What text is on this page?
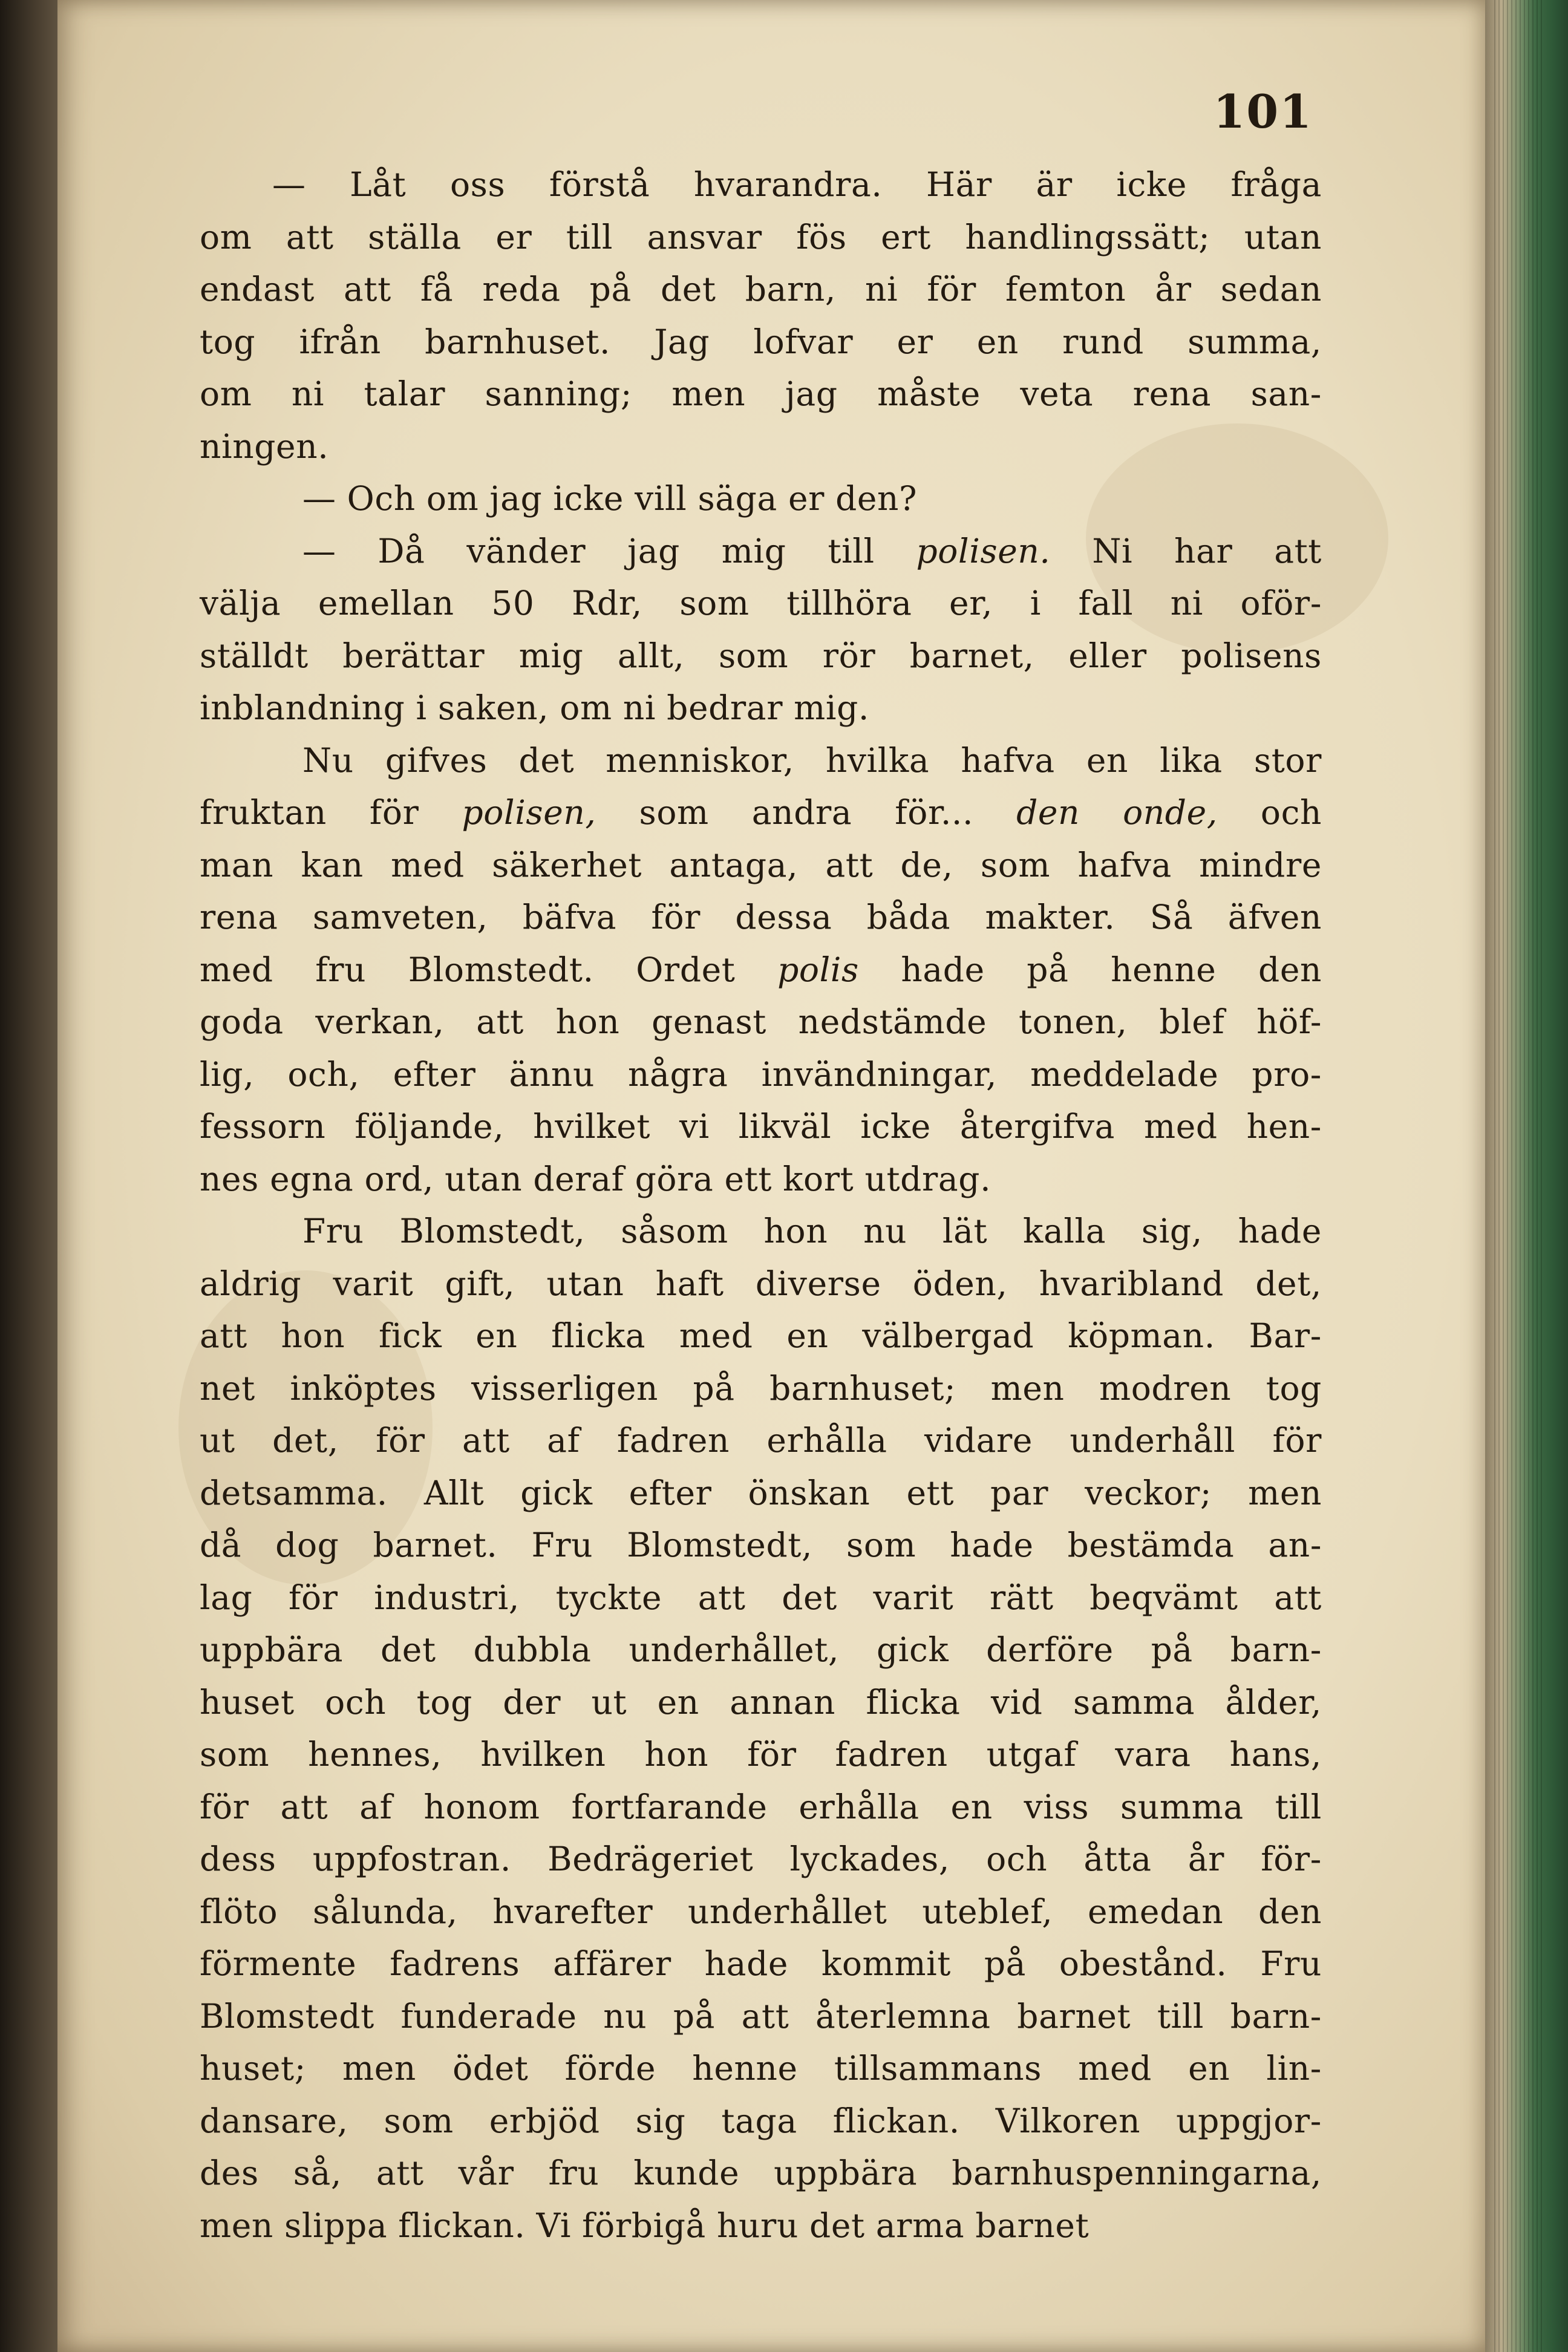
101
— Låt oss förstå hvarandra. Här är icke fråga
om att ställa er till ansvar fös ert handlingssätt; utan
endast att få reda på det barn, ni för femton år sedan
tog ifrån barnhuset. Jag lofvar er en rund summa,
om ni talar sanning; men jag måste veta rena san-
ningen.
— Och om jag icke vill säga er den?
— Då vänder jag mig till polisen. Ni har att
välja emellan 50 Rdr, som tillhöra er, i fall ni oför-
ställdt berättar mig allt, som rör barnet, eller polisens
inblandning i saken, om ni bedrar mig.
Nu gifves det menniskor, hvilka hafva en lika stor
fruktan för polisen, som andra för... den onde, och
man kan med säkerhet antaga, att de, som hafva mindre
rena samveten, bäfva för dessa båda makter. Så äfven
med fru Blomstedt. Ordet polis hade på henne den
goda verkan, att hon genast nedstämde tonen, blef höf-
lig, och, efter ännu några invändningar, meddelade pro-
fessorn följande, hvilket vi likväl icke återgifva med hen-
nes egna ord, utan deraf göra ett kort utdrag.
Fru Blomstedt, såsom hon nu lät kalla sig, hade
aldrig varit gift, utan haft diverse öden, hvaribland det,
att hon fick en flicka med en välbergad köpman. Bar-
net inköptes visserligen på barnhuset; men modren tog
ut det, för att af fadren erhålla vidare underhåll för
detsamma. Allt gick efter önskan ett par veckor; men
då dog barnet. Fru Blomstedt, som hade bestämda an-
lag för industri, tyckte att det varit rätt beqvämt att
uppbära det dubbla underhållet, gick derföre på barn-
huset och tog der ut en annan flicka vid samma ålder,
som hennes, hvilken hon för fadren utgaf vara hans,
för att af honom fortfarande erhålla en viss summa till
dess uppfostran. Bedrägeriet lyckades, och åtta år för-
flöto sålunda, hvarefter underhållet uteblef, emedan den
förmente fadrens affärer hade kommit på obestånd. Fru
Blomstedt funderade nu på att återlemna barnet till barn-
huset; men ödet förde henne tillsammans med en lin-
dansare, som erbjöd sig taga flickan. Vilkoren uppgjor-
des så, att vår fru kunde uppbära barnhuspenningarna,
men slippa flickan. Vi förbigå huru det arma barnet
